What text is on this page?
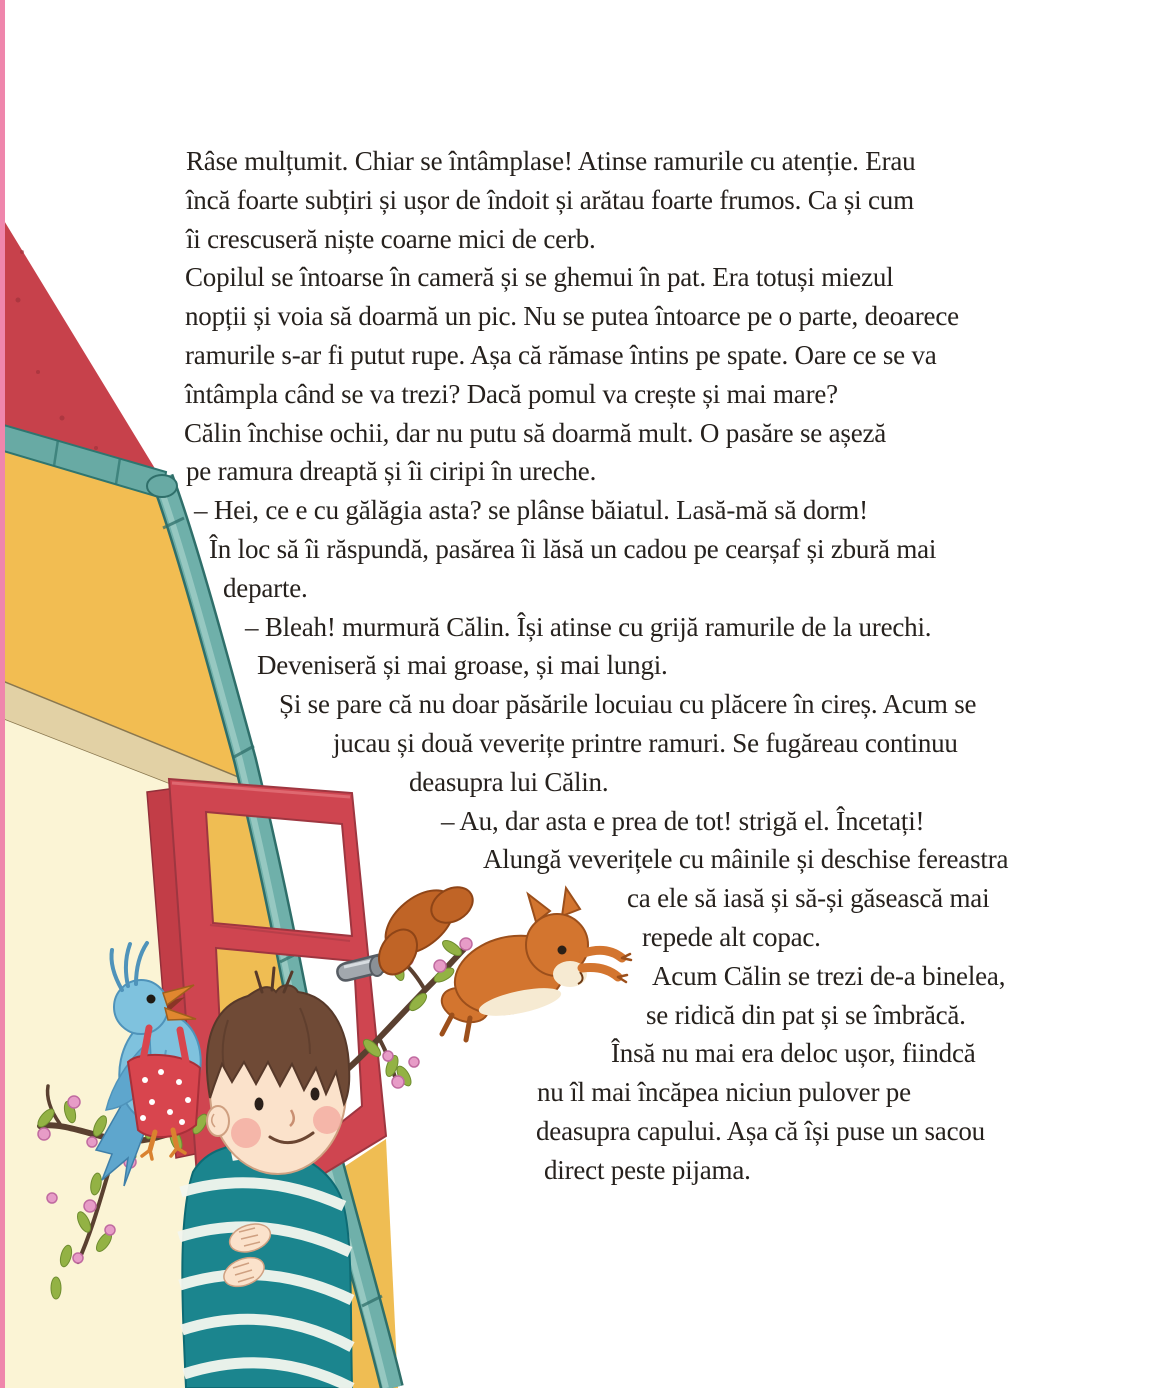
Râse mulțumit. Chiar se întâmplase! Atinse ramurile cu atenție. Erau
încă foarte subțiri și ușor de îndoit și arătau foarte frumos. Ca și cum
îi crescuseră niște coarne mici de cerb.
Copilul se întoarse în cameră și se ghemui în pat. Era totuși miezul
nopții și voia să doarmă un pic. Nu se putea întoarce pe o parte, deoarece
ramurile s-ar fi putut rupe. Așa că rămase întins pe spate. Oare ce se va
întâmpla când se va trezi? Dacă pomul va crește și mai mare?
Călin închise ochii, dar nu putu să doarmă mult. O pasăre se așeză
pe ramura dreaptă și îi ciripi în ureche.
– Hei, ce e cu gălăgia asta? se plânse băiatul. Lasă-mă să dorm!
În loc să îi răspundă, pasărea îi lăsă un cadou pe cearșaf și zbură mai
departe.
– Bleah! murmură Călin. Își atinse cu grijă ramurile de la urechi.
Deveniseră și mai groase, și mai lungi.
Și se pare că nu doar păsările locuiau cu plăcere în cireș. Acum se
jucau și două veverițe printre ramuri. Se fugăreau continuu
deasupra lui Călin.
– Au, dar asta e prea de tot! strigă el. Încetați!
Alungă veverițele cu mâinile și deschise fereastra
ca ele să iasă și să-și găsească mai
repede alt copac.
Acum Călin se trezi de-a binelea,
se ridică din pat și se îmbrăcă.
Însă nu mai era deloc ușor, fiindcă
nu îl mai încăpea niciun pulover pe
deasupra capului. Așa că își puse un sacou
direct peste pijama.
